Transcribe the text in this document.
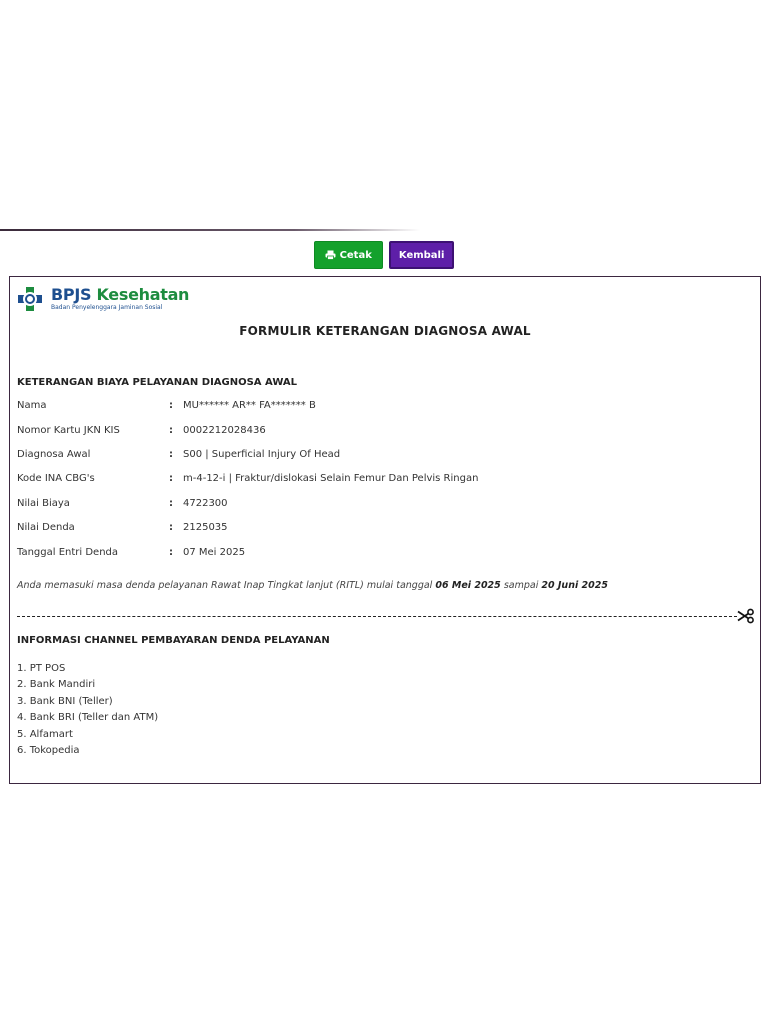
Cetak	Kembali
BPJS Kesehatan
Badan Penyelenggara Jaminan Sosial
FORMULIR KETERANGAN DIAGNOSA AWAL
KETERANGAN BIAYA PELAYANAN DIAGNOSA AWAL
Nama	:	MU****** AR** FA******* B
Nomor Kartu JKN KIS	:	0002212028436
Diagnosa Awal	:	S00 | Superficial Injury Of Head
Kode INA CBG's	:	m-4-12-i | Fraktur/dislokasi Selain Femur Dan Pelvis Ringan
Nilai Biaya	:	4722300
Nilai Denda	:	2125035
Tanggal Entri Denda	:	07 Mei 2025
Anda memasuki masa denda pelayanan Rawat Inap Tingkat lanjut (RITL) mulai tanggal 06 Mei 2025 sampai 20 Juni 2025
INFORMASI CHANNEL PEMBAYARAN DENDA PELAYANAN
1. PT POS
2. Bank Mandiri
3. Bank BNI (Teller)
4. Bank BRI (Teller dan ATM)
5. Alfamart
6. Tokopedia
